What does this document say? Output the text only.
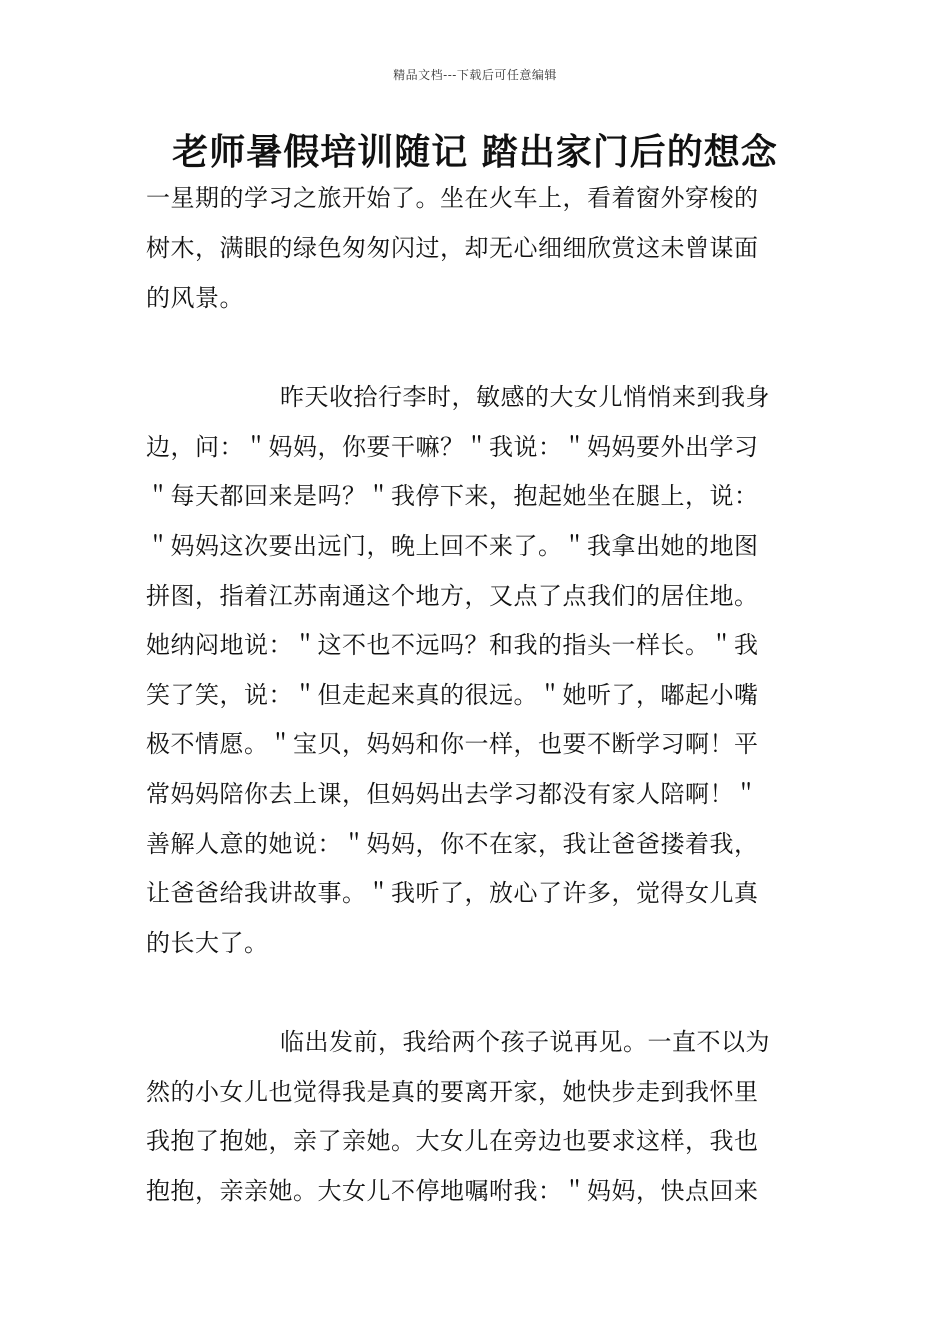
精品文档---下载后可任意编辑
老师暑假培训随记 踏出家门后的想念
一星期的学习之旅开始了。坐在火车上，看着窗外穿梭的
树木，满眼的绿色匆匆闪过，却无心细细欣赏这未曾谋面
的风景。
昨天收拾行李时，敏感的大女儿悄悄来到我身
边，问：＂妈妈，你要干嘛？＂我说：＂妈妈要外出学习
＂每天都回来是吗？＂我停下来，抱起她坐在腿上，说：
＂妈妈这次要出远门，晚上回不来了。＂我拿出她的地图
拼图，指着江苏南通这个地方，又点了点我们的居住地。
她纳闷地说：＂这不也不远吗？和我的指头一样长。＂我
笑了笑，说：＂但走起来真的很远。＂她听了，嘟起小嘴
极不情愿。＂宝贝，妈妈和你一样，也要不断学习啊！平
常妈妈陪你去上课，但妈妈出去学习都没有家人陪啊！＂
善解人意的她说：＂妈妈，你不在家，我让爸爸搂着我，
让爸爸给我讲故事。＂我听了，放心了许多，觉得女儿真
的长大了。
临出发前，我给两个孩子说再见。一直不以为
然的小女儿也觉得我是真的要离开家，她快步走到我怀里
我抱了抱她，亲了亲她。大女儿在旁边也要求这样，我也
抱抱，亲亲她。大女儿不停地嘱咐我：＂妈妈，快点回来
